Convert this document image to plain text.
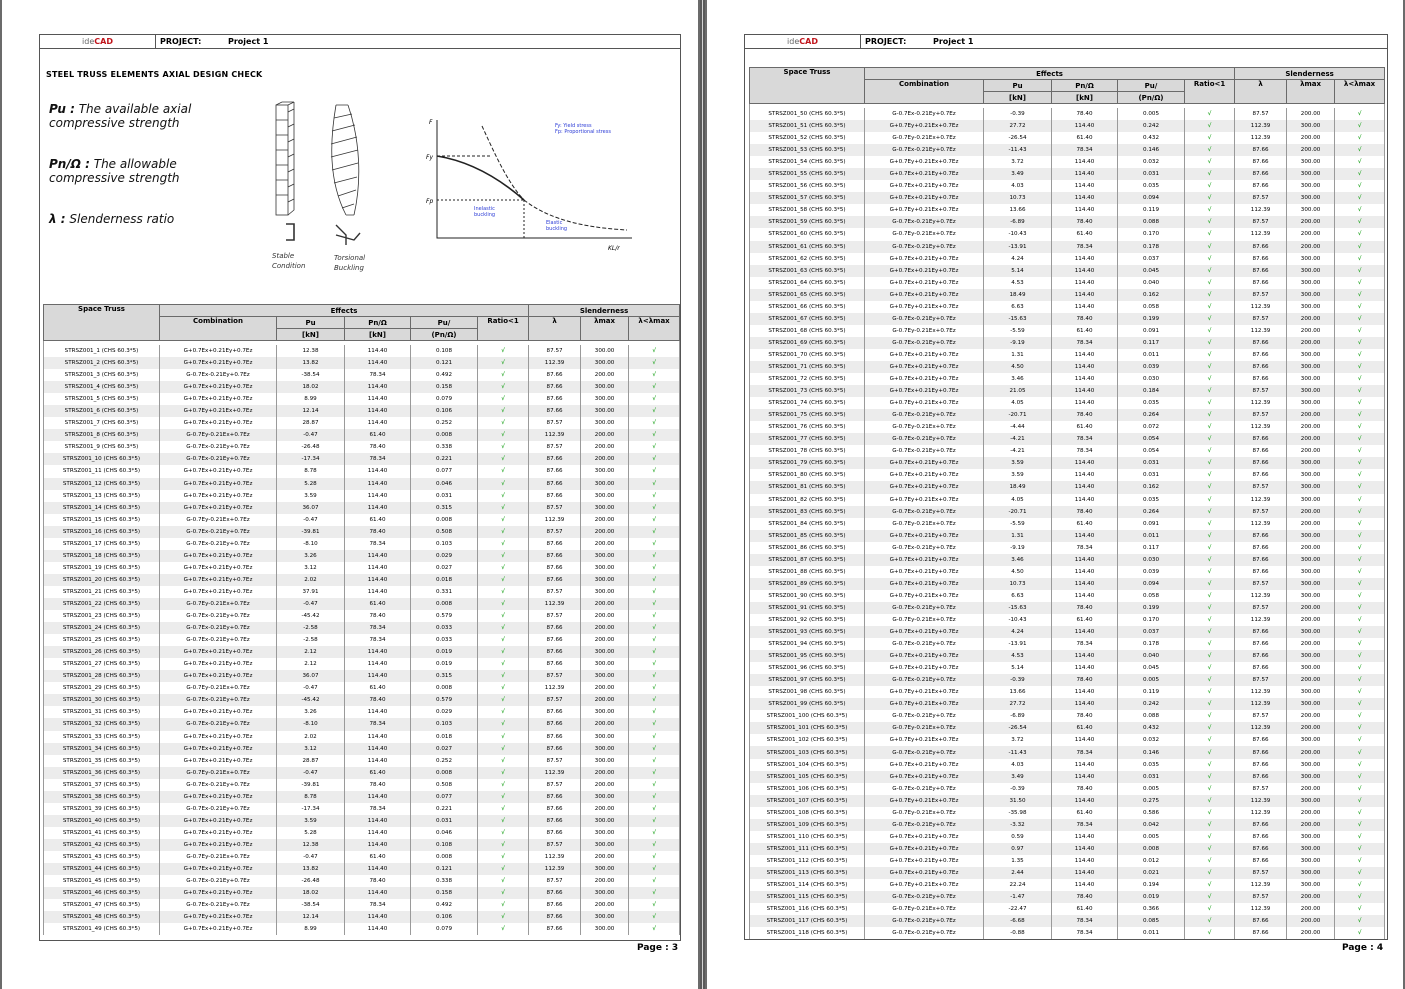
ideCAD	PROJECT:	Project 1
STEEL TRUSS ELEMENTS AXIAL DESIGN CHECK
Pu : The available axial
compressive strength
Pn/Ω : The allowable
compressive strength
λ : Slenderness ratio
Stable
Condition
Torsional
Buckling
F
Fy
Fp
KL/r
Fy: Yield stress
Fp: Proportional stress
Inelastic
buckling
Elastic
buckling
Space Truss	Effects					Slenderness		
	Combination	Pu	Pn/Ω	Pu/	Ratio<1	λ	λmax	λ<λmax
		[kN]	[kN]	(Pn/Ω)				

STRSZ001_1 (CHS 60.3*5)	G+0.7Ex+0.21Ey+0.7Ez	12.38	114.40	0.108	√	87.57	300.00	√
STRSZ001_2 (CHS 60.3*5)	G+0.7Ex+0.21Ey+0.7Ez	13.82	114.40	0.121	√	112.39	300.00	√
STRSZ001_3 (CHS 60.3*5)	G-0.7Ex-0.21Ey+0.7Ez	-38.54	78.34	0.492	√	87.66	200.00	√
STRSZ001_4 (CHS 60.3*5)	G+0.7Ex+0.21Ey+0.7Ez	18.02	114.40	0.158	√	87.66	300.00	√
STRSZ001_5 (CHS 60.3*5)	G+0.7Ex+0.21Ey+0.7Ez	8.99	114.40	0.079	√	87.66	300.00	√
STRSZ001_6 (CHS 60.3*5)	G+0.7Ey+0.21Ex+0.7Ez	12.14	114.40	0.106	√	87.66	300.00	√
STRSZ001_7 (CHS 60.3*5)	G+0.7Ex+0.21Ey+0.7Ez	28.87	114.40	0.252	√	87.57	300.00	√
STRSZ001_8 (CHS 60.3*5)	G-0.7Ey-0.21Ex+0.7Ez	-0.47	61.40	0.008	√	112.39	200.00	√
STRSZ001_9 (CHS 60.3*5)	G-0.7Ex-0.21Ey+0.7Ez	-26.48	78.40	0.338	√	87.57	200.00	√
STRSZ001_10 (CHS 60.3*5)	G-0.7Ex-0.21Ey+0.7Ez	-17.34	78.34	0.221	√	87.66	200.00	√
STRSZ001_11 (CHS 60.3*5)	G+0.7Ex+0.21Ey+0.7Ez	8.78	114.40	0.077	√	87.66	300.00	√
STRSZ001_12 (CHS 60.3*5)	G+0.7Ex+0.21Ey+0.7Ez	5.28	114.40	0.046	√	87.66	300.00	√
STRSZ001_13 (CHS 60.3*5)	G+0.7Ex+0.21Ey+0.7Ez	3.59	114.40	0.031	√	87.66	300.00	√
STRSZ001_14 (CHS 60.3*5)	G+0.7Ex+0.21Ey+0.7Ez	36.07	114.40	0.315	√	87.57	300.00	√
STRSZ001_15 (CHS 60.3*5)	G-0.7Ey-0.21Ex+0.7Ez	-0.47	61.40	0.008	√	112.39	200.00	√
STRSZ001_16 (CHS 60.3*5)	G-0.7Ex-0.21Ey+0.7Ez	-39.81	78.40	0.508	√	87.57	200.00	√
STRSZ001_17 (CHS 60.3*5)	G-0.7Ex-0.21Ey+0.7Ez	-8.10	78.34	0.103	√	87.66	200.00	√
STRSZ001_18 (CHS 60.3*5)	G+0.7Ex+0.21Ey+0.7Ez	3.26	114.40	0.029	√	87.66	300.00	√
STRSZ001_19 (CHS 60.3*5)	G+0.7Ex+0.21Ey+0.7Ez	3.12	114.40	0.027	√	87.66	300.00	√
STRSZ001_20 (CHS 60.3*5)	G+0.7Ex+0.21Ey+0.7Ez	2.02	114.40	0.018	√	87.66	300.00	√
STRSZ001_21 (CHS 60.3*5)	G+0.7Ex+0.21Ey+0.7Ez	37.91	114.40	0.331	√	87.57	300.00	√
STRSZ001_22 (CHS 60.3*5)	G-0.7Ey-0.21Ex+0.7Ez	-0.47	61.40	0.008	√	112.39	200.00	√
STRSZ001_23 (CHS 60.3*5)	G-0.7Ex-0.21Ey+0.7Ez	-45.42	78.40	0.579	√	87.57	200.00	√
STRSZ001_24 (CHS 60.3*5)	G-0.7Ex-0.21Ey+0.7Ez	-2.58	78.34	0.033	√	87.66	200.00	√
STRSZ001_25 (CHS 60.3*5)	G-0.7Ex-0.21Ey+0.7Ez	-2.58	78.34	0.033	√	87.66	200.00	√
STRSZ001_26 (CHS 60.3*5)	G+0.7Ex+0.21Ey+0.7Ez	2.12	114.40	0.019	√	87.66	300.00	√
STRSZ001_27 (CHS 60.3*5)	G+0.7Ex+0.21Ey+0.7Ez	2.12	114.40	0.019	√	87.66	300.00	√
STRSZ001_28 (CHS 60.3*5)	G+0.7Ex+0.21Ey+0.7Ez	36.07	114.40	0.315	√	87.57	300.00	√
STRSZ001_29 (CHS 60.3*5)	G-0.7Ey-0.21Ex+0.7Ez	-0.47	61.40	0.008	√	112.39	200.00	√
STRSZ001_30 (CHS 60.3*5)	G-0.7Ex-0.21Ey+0.7Ez	-45.42	78.40	0.579	√	87.57	200.00	√
STRSZ001_31 (CHS 60.3*5)	G+0.7Ex+0.21Ey+0.7Ez	3.26	114.40	0.029	√	87.66	300.00	√
STRSZ001_32 (CHS 60.3*5)	G-0.7Ex-0.21Ey+0.7Ez	-8.10	78.34	0.103	√	87.66	200.00	√
STRSZ001_33 (CHS 60.3*5)	G+0.7Ex+0.21Ey+0.7Ez	2.02	114.40	0.018	√	87.66	300.00	√
STRSZ001_34 (CHS 60.3*5)	G+0.7Ex+0.21Ey+0.7Ez	3.12	114.40	0.027	√	87.66	300.00	√
STRSZ001_35 (CHS 60.3*5)	G+0.7Ex+0.21Ey+0.7Ez	28.87	114.40	0.252	√	87.57	300.00	√
STRSZ001_36 (CHS 60.3*5)	G-0.7Ey-0.21Ex+0.7Ez	-0.47	61.40	0.008	√	112.39	200.00	√
STRSZ001_37 (CHS 60.3*5)	G-0.7Ex-0.21Ey+0.7Ez	-39.81	78.40	0.508	√	87.57	200.00	√
STRSZ001_38 (CHS 60.3*5)	G+0.7Ex+0.21Ey+0.7Ez	8.78	114.40	0.077	√	87.66	300.00	√
STRSZ001_39 (CHS 60.3*5)	G-0.7Ex-0.21Ey+0.7Ez	-17.34	78.34	0.221	√	87.66	200.00	√
STRSZ001_40 (CHS 60.3*5)	G+0.7Ex+0.21Ey+0.7Ez	3.59	114.40	0.031	√	87.66	300.00	√
STRSZ001_41 (CHS 60.3*5)	G+0.7Ex+0.21Ey+0.7Ez	5.28	114.40	0.046	√	87.66	300.00	√
STRSZ001_42 (CHS 60.3*5)	G+0.7Ex+0.21Ey+0.7Ez	12.38	114.40	0.108	√	87.57	300.00	√
STRSZ001_43 (CHS 60.3*5)	G-0.7Ey-0.21Ex+0.7Ez	-0.47	61.40	0.008	√	112.39	200.00	√
STRSZ001_44 (CHS 60.3*5)	G+0.7Ex+0.21Ey+0.7Ez	13.82	114.40	0.121	√	112.39	300.00	√
STRSZ001_45 (CHS 60.3*5)	G-0.7Ex-0.21Ey+0.7Ez	-26.48	78.40	0.338	√	87.57	200.00	√
STRSZ001_46 (CHS 60.3*5)	G+0.7Ex+0.21Ey+0.7Ez	18.02	114.40	0.158	√	87.66	300.00	√
STRSZ001_47 (CHS 60.3*5)	G-0.7Ex-0.21Ey+0.7Ez	-38.54	78.34	0.492	√	87.66	200.00	√
STRSZ001_48 (CHS 60.3*5)	G+0.7Ey+0.21Ex+0.7Ez	12.14	114.40	0.106	√	87.66	300.00	√
STRSZ001_49 (CHS 60.3*5)	G+0.7Ex+0.21Ey+0.7Ez	8.99	114.40	0.079	√	87.66	300.00	√
Page : 3
ideCAD	PROJECT:	Project 1
Space Truss	Effects					Slenderness		
	Combination	Pu	Pn/Ω	Pu/	Ratio<1	λ	λmax	λ<λmax
		[kN]	[kN]	(Pn/Ω)				

STRSZ001_50 (CHS 60.3*5)	G-0.7Ex-0.21Ey+0.7Ez	-0.39	78.40	0.005	√	87.57	200.00	√
STRSZ001_51 (CHS 60.3*5)	G+0.7Ey+0.21Ex+0.7Ez	27.72	114.40	0.242	√	112.39	300.00	√
STRSZ001_52 (CHS 60.3*5)	G-0.7Ey-0.21Ex+0.7Ez	-26.54	61.40	0.432	√	112.39	200.00	√
STRSZ001_53 (CHS 60.3*5)	G-0.7Ex-0.21Ey+0.7Ez	-11.43	78.34	0.146	√	87.66	200.00	√
STRSZ001_54 (CHS 60.3*5)	G+0.7Ey+0.21Ex+0.7Ez	3.72	114.40	0.032	√	87.66	300.00	√
STRSZ001_55 (CHS 60.3*5)	G+0.7Ex+0.21Ey+0.7Ez	3.49	114.40	0.031	√	87.66	300.00	√
STRSZ001_56 (CHS 60.3*5)	G+0.7Ex+0.21Ey+0.7Ez	4.03	114.40	0.035	√	87.66	300.00	√
STRSZ001_57 (CHS 60.3*5)	G+0.7Ex+0.21Ey+0.7Ez	10.73	114.40	0.094	√	87.57	300.00	√
STRSZ001_58 (CHS 60.3*5)	G+0.7Ey+0.21Ex+0.7Ez	13.66	114.40	0.119	√	112.39	300.00	√
STRSZ001_59 (CHS 60.3*5)	G-0.7Ex-0.21Ey+0.7Ez	-6.89	78.40	0.088	√	87.57	200.00	√
STRSZ001_60 (CHS 60.3*5)	G-0.7Ey-0.21Ex+0.7Ez	-10.43	61.40	0.170	√	112.39	200.00	√
STRSZ001_61 (CHS 60.3*5)	G-0.7Ex-0.21Ey+0.7Ez	-13.91	78.34	0.178	√	87.66	200.00	√
STRSZ001_62 (CHS 60.3*5)	G+0.7Ex+0.21Ey+0.7Ez	4.24	114.40	0.037	√	87.66	300.00	√
STRSZ001_63 (CHS 60.3*5)	G+0.7Ex+0.21Ey+0.7Ez	5.14	114.40	0.045	√	87.66	300.00	√
STRSZ001_64 (CHS 60.3*5)	G+0.7Ex+0.21Ey+0.7Ez	4.53	114.40	0.040	√	87.66	300.00	√
STRSZ001_65 (CHS 60.3*5)	G+0.7Ex+0.21Ey+0.7Ez	18.49	114.40	0.162	√	87.57	300.00	√
STRSZ001_66 (CHS 60.3*5)	G+0.7Ey+0.21Ex+0.7Ez	6.63	114.40	0.058	√	112.39	300.00	√
STRSZ001_67 (CHS 60.3*5)	G-0.7Ex-0.21Ey+0.7Ez	-15.63	78.40	0.199	√	87.57	200.00	√
STRSZ001_68 (CHS 60.3*5)	G-0.7Ey-0.21Ex+0.7Ez	-5.59	61.40	0.091	√	112.39	200.00	√
STRSZ001_69 (CHS 60.3*5)	G-0.7Ex-0.21Ey+0.7Ez	-9.19	78.34	0.117	√	87.66	200.00	√
STRSZ001_70 (CHS 60.3*5)	G+0.7Ex+0.21Ey+0.7Ez	1.31	114.40	0.011	√	87.66	300.00	√
STRSZ001_71 (CHS 60.3*5)	G+0.7Ex+0.21Ey+0.7Ez	4.50	114.40	0.039	√	87.66	300.00	√
STRSZ001_72 (CHS 60.3*5)	G+0.7Ex+0.21Ey+0.7Ez	3.46	114.40	0.030	√	87.66	300.00	√
STRSZ001_73 (CHS 60.3*5)	G+0.7Ex+0.21Ey+0.7Ez	21.05	114.40	0.184	√	87.57	300.00	√
STRSZ001_74 (CHS 60.3*5)	G+0.7Ey+0.21Ex+0.7Ez	4.05	114.40	0.035	√	112.39	300.00	√
STRSZ001_75 (CHS 60.3*5)	G-0.7Ex-0.21Ey+0.7Ez	-20.71	78.40	0.264	√	87.57	200.00	√
STRSZ001_76 (CHS 60.3*5)	G-0.7Ey-0.21Ex+0.7Ez	-4.44	61.40	0.072	√	112.39	200.00	√
STRSZ001_77 (CHS 60.3*5)	G-0.7Ex-0.21Ey+0.7Ez	-4.21	78.34	0.054	√	87.66	200.00	√
STRSZ001_78 (CHS 60.3*5)	G-0.7Ex-0.21Ey+0.7Ez	-4.21	78.34	0.054	√	87.66	200.00	√
STRSZ001_79 (CHS 60.3*5)	G+0.7Ex+0.21Ey+0.7Ez	3.59	114.40	0.031	√	87.66	300.00	√
STRSZ001_80 (CHS 60.3*5)	G+0.7Ex+0.21Ey+0.7Ez	3.59	114.40	0.031	√	87.66	300.00	√
STRSZ001_81 (CHS 60.3*5)	G+0.7Ex+0.21Ey+0.7Ez	18.49	114.40	0.162	√	87.57	300.00	√
STRSZ001_82 (CHS 60.3*5)	G+0.7Ey+0.21Ex+0.7Ez	4.05	114.40	0.035	√	112.39	300.00	√
STRSZ001_83 (CHS 60.3*5)	G-0.7Ex-0.21Ey+0.7Ez	-20.71	78.40	0.264	√	87.57	200.00	√
STRSZ001_84 (CHS 60.3*5)	G-0.7Ey-0.21Ex+0.7Ez	-5.59	61.40	0.091	√	112.39	200.00	√
STRSZ001_85 (CHS 60.3*5)	G+0.7Ex+0.21Ey+0.7Ez	1.31	114.40	0.011	√	87.66	300.00	√
STRSZ001_86 (CHS 60.3*5)	G-0.7Ex-0.21Ey+0.7Ez	-9.19	78.34	0.117	√	87.66	200.00	√
STRSZ001_87 (CHS 60.3*5)	G+0.7Ex+0.21Ey+0.7Ez	3.46	114.40	0.030	√	87.66	300.00	√
STRSZ001_88 (CHS 60.3*5)	G+0.7Ex+0.21Ey+0.7Ez	4.50	114.40	0.039	√	87.66	300.00	√
STRSZ001_89 (CHS 60.3*5)	G+0.7Ex+0.21Ey+0.7Ez	10.73	114.40	0.094	√	87.57	300.00	√
STRSZ001_90 (CHS 60.3*5)	G+0.7Ey+0.21Ex+0.7Ez	6.63	114.40	0.058	√	112.39	300.00	√
STRSZ001_91 (CHS 60.3*5)	G-0.7Ex-0.21Ey+0.7Ez	-15.63	78.40	0.199	√	87.57	200.00	√
STRSZ001_92 (CHS 60.3*5)	G-0.7Ey-0.21Ex+0.7Ez	-10.43	61.40	0.170	√	112.39	200.00	√
STRSZ001_93 (CHS 60.3*5)	G+0.7Ex+0.21Ey+0.7Ez	4.24	114.40	0.037	√	87.66	300.00	√
STRSZ001_94 (CHS 60.3*5)	G-0.7Ex-0.21Ey+0.7Ez	-13.91	78.34	0.178	√	87.66	200.00	√
STRSZ001_95 (CHS 60.3*5)	G+0.7Ex+0.21Ey+0.7Ez	4.53	114.40	0.040	√	87.66	300.00	√
STRSZ001_96 (CHS 60.3*5)	G+0.7Ex+0.21Ey+0.7Ez	5.14	114.40	0.045	√	87.66	300.00	√
STRSZ001_97 (CHS 60.3*5)	G-0.7Ex-0.21Ey+0.7Ez	-0.39	78.40	0.005	√	87.57	200.00	√
STRSZ001_98 (CHS 60.3*5)	G+0.7Ey+0.21Ex+0.7Ez	13.66	114.40	0.119	√	112.39	300.00	√
STRSZ001_99 (CHS 60.3*5)	G+0.7Ey+0.21Ex+0.7Ez	27.72	114.40	0.242	√	112.39	300.00	√
STRSZ001_100 (CHS 60.3*5)	G-0.7Ex-0.21Ey+0.7Ez	-6.89	78.40	0.088	√	87.57	200.00	√
STRSZ001_101 (CHS 60.3*5)	G-0.7Ey-0.21Ex+0.7Ez	-26.54	61.40	0.432	√	112.39	200.00	√
STRSZ001_102 (CHS 60.3*5)	G+0.7Ey+0.21Ex+0.7Ez	3.72	114.40	0.032	√	87.66	300.00	√
STRSZ001_103 (CHS 60.3*5)	G-0.7Ex-0.21Ey+0.7Ez	-11.43	78.34	0.146	√	87.66	200.00	√
STRSZ001_104 (CHS 60.3*5)	G+0.7Ex+0.21Ey+0.7Ez	4.03	114.40	0.035	√	87.66	300.00	√
STRSZ001_105 (CHS 60.3*5)	G+0.7Ex+0.21Ey+0.7Ez	3.49	114.40	0.031	√	87.66	300.00	√
STRSZ001_106 (CHS 60.3*5)	G-0.7Ex-0.21Ey+0.7Ez	-0.39	78.40	0.005	√	87.57	200.00	√
STRSZ001_107 (CHS 60.3*5)	G+0.7Ey+0.21Ex+0.7Ez	31.50	114.40	0.275	√	112.39	300.00	√
STRSZ001_108 (CHS 60.3*5)	G-0.7Ey-0.21Ex+0.7Ez	-35.98	61.40	0.586	√	112.39	200.00	√
STRSZ001_109 (CHS 60.3*5)	G-0.7Ex-0.21Ey+0.7Ez	-3.32	78.34	0.042	√	87.66	200.00	√
STRSZ001_110 (CHS 60.3*5)	G+0.7Ex+0.21Ey+0.7Ez	0.59	114.40	0.005	√	87.66	300.00	√
STRSZ001_111 (CHS 60.3*5)	G+0.7Ex+0.21Ey+0.7Ez	0.97	114.40	0.008	√	87.66	300.00	√
STRSZ001_112 (CHS 60.3*5)	G+0.7Ex+0.21Ey+0.7Ez	1.35	114.40	0.012	√	87.66	300.00	√
STRSZ001_113 (CHS 60.3*5)	G+0.7Ex+0.21Ey+0.7Ez	2.44	114.40	0.021	√	87.57	300.00	√
STRSZ001_114 (CHS 60.3*5)	G+0.7Ey+0.21Ex+0.7Ez	22.24	114.40	0.194	√	112.39	300.00	√
STRSZ001_115 (CHS 60.3*5)	G-0.7Ex-0.21Ey+0.7Ez	-1.47	78.40	0.019	√	87.57	200.00	√
STRSZ001_116 (CHS 60.3*5)	G-0.7Ey-0.21Ex+0.7Ez	-22.47	61.40	0.366	√	112.39	200.00	√
STRSZ001_117 (CHS 60.3*5)	G-0.7Ex-0.21Ey+0.7Ez	-6.68	78.34	0.085	√	87.66	200.00	√
STRSZ001_118 (CHS 60.3*5)	G-0.7Ex-0.21Ey+0.7Ez	-0.88	78.34	0.011	√	87.66	200.00	√
Page : 4
